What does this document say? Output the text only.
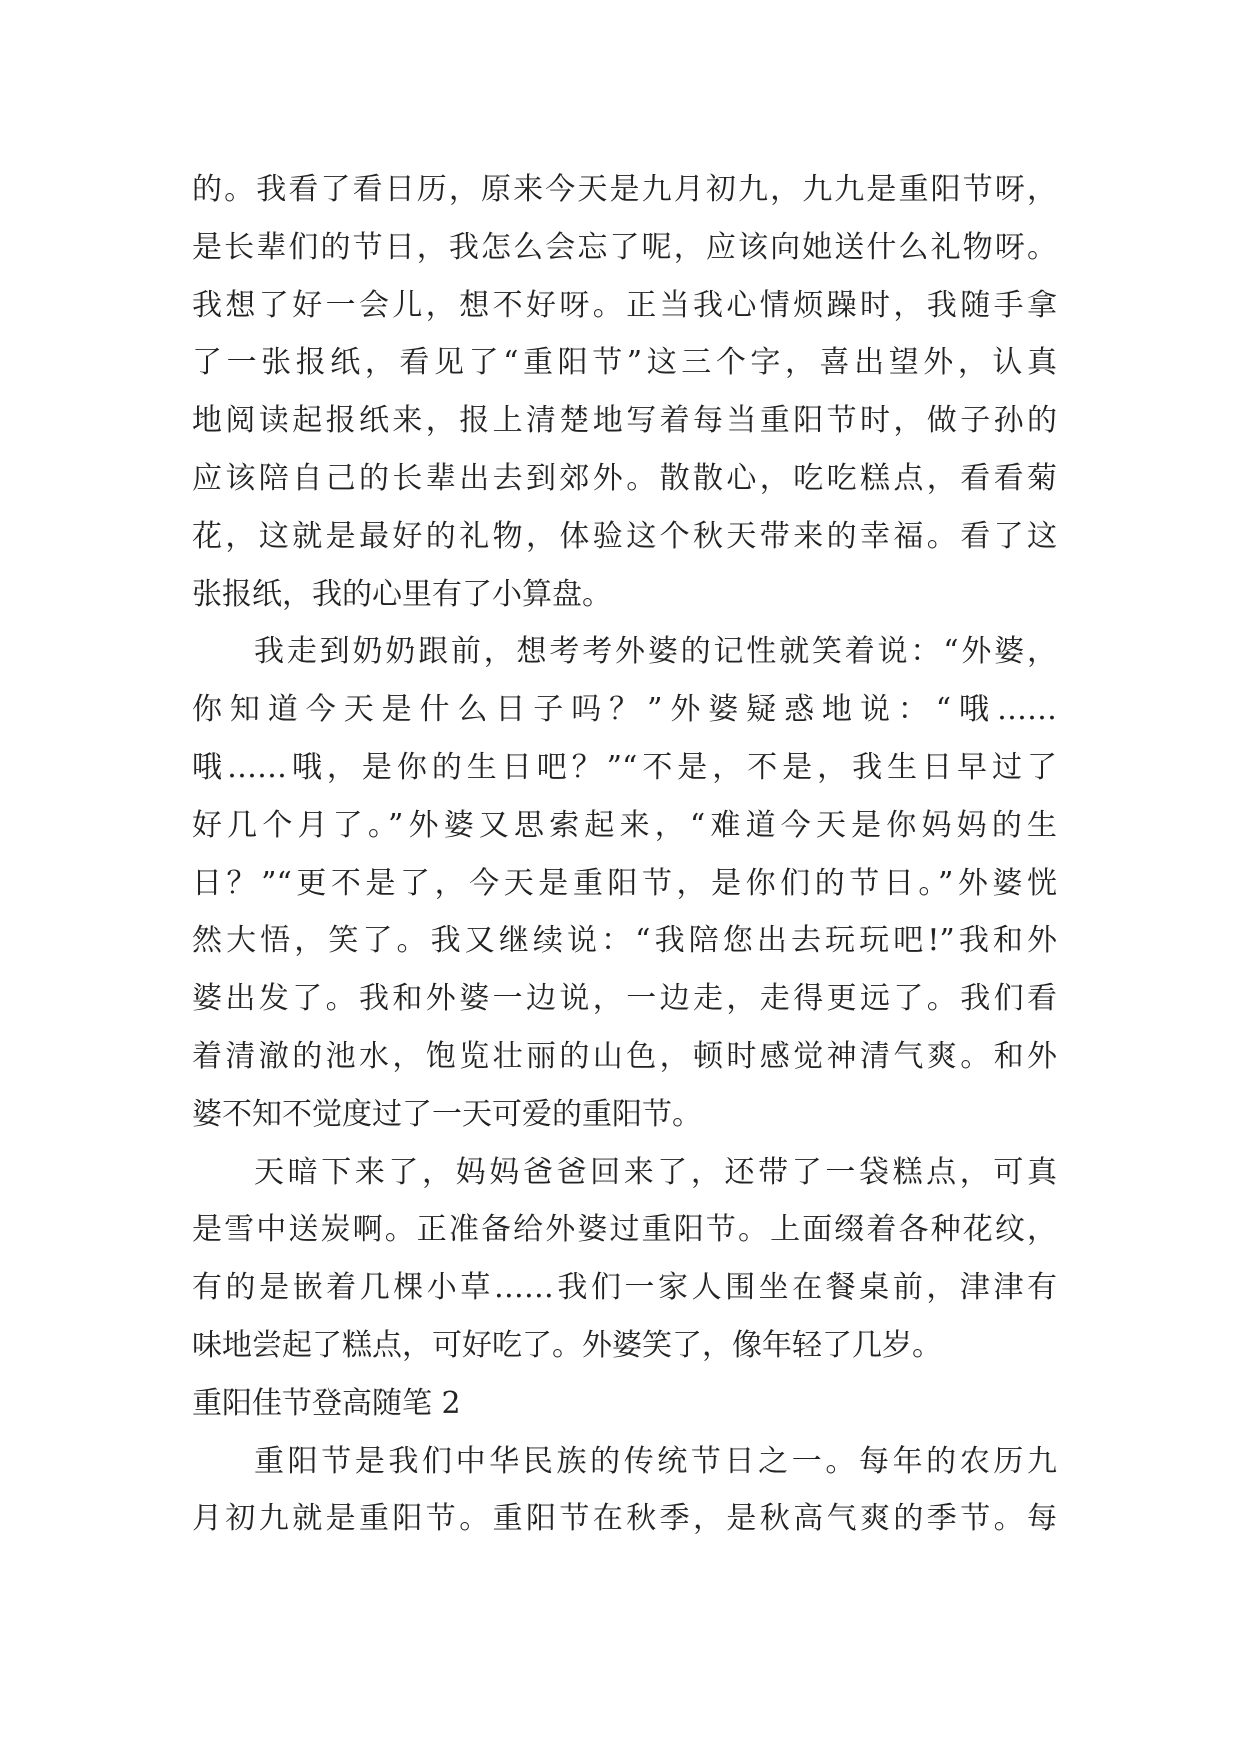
的。我看了看日历，原来今天是九月初九，九九是重阳节呀，
是长辈们的节日，我怎么会忘了呢，应该向她送什么礼物呀。
我想了好一会儿，想不好呀。正当我心情烦躁时，我随手拿
了一张报纸，看见了“重阳节”这三个字，喜出望外，认真
地阅读起报纸来，报上清楚地写着每当重阳节时，做子孙的
应该陪自己的长辈出去到郊外。散散心，吃吃糕点，看看菊
花，这就是最好的礼物，体验这个秋天带来的幸福。看了这
张报纸，我的心里有了小算盘。
我走到奶奶跟前，想考考外婆的记性就笑着说：“外婆，
你知道今天是什么日子吗？”外婆疑惑地说：“哦……
哦……哦，是你的生日吧？”“不是，不是，我生日早过了
好几个月了。”外婆又思索起来，“难道今天是你妈妈的生
日？”“更不是了，今天是重阳节，是你们的节日。”外婆恍
然大悟，笑了。我又继续说：“我陪您出去玩玩吧!”我和外
婆出发了。我和外婆一边说，一边走，走得更远了。我们看
着清澈的池水，饱览壮丽的山色，顿时感觉神清气爽。和外
婆不知不觉度过了一天可爱的重阳节。
天暗下来了，妈妈爸爸回来了，还带了一袋糕点，可真
是雪中送炭啊。正准备给外婆过重阳节。上面缀着各种花纹，
有的是嵌着几棵小草……我们一家人围坐在餐桌前，津津有
味地尝起了糕点，可好吃了。外婆笑了，像年轻了几岁。
重阳佳节登高随笔 2
重阳节是我们中华民族的传统节日之一。每年的农历九
月初九就是重阳节。重阳节在秋季，是秋高气爽的季节。每
